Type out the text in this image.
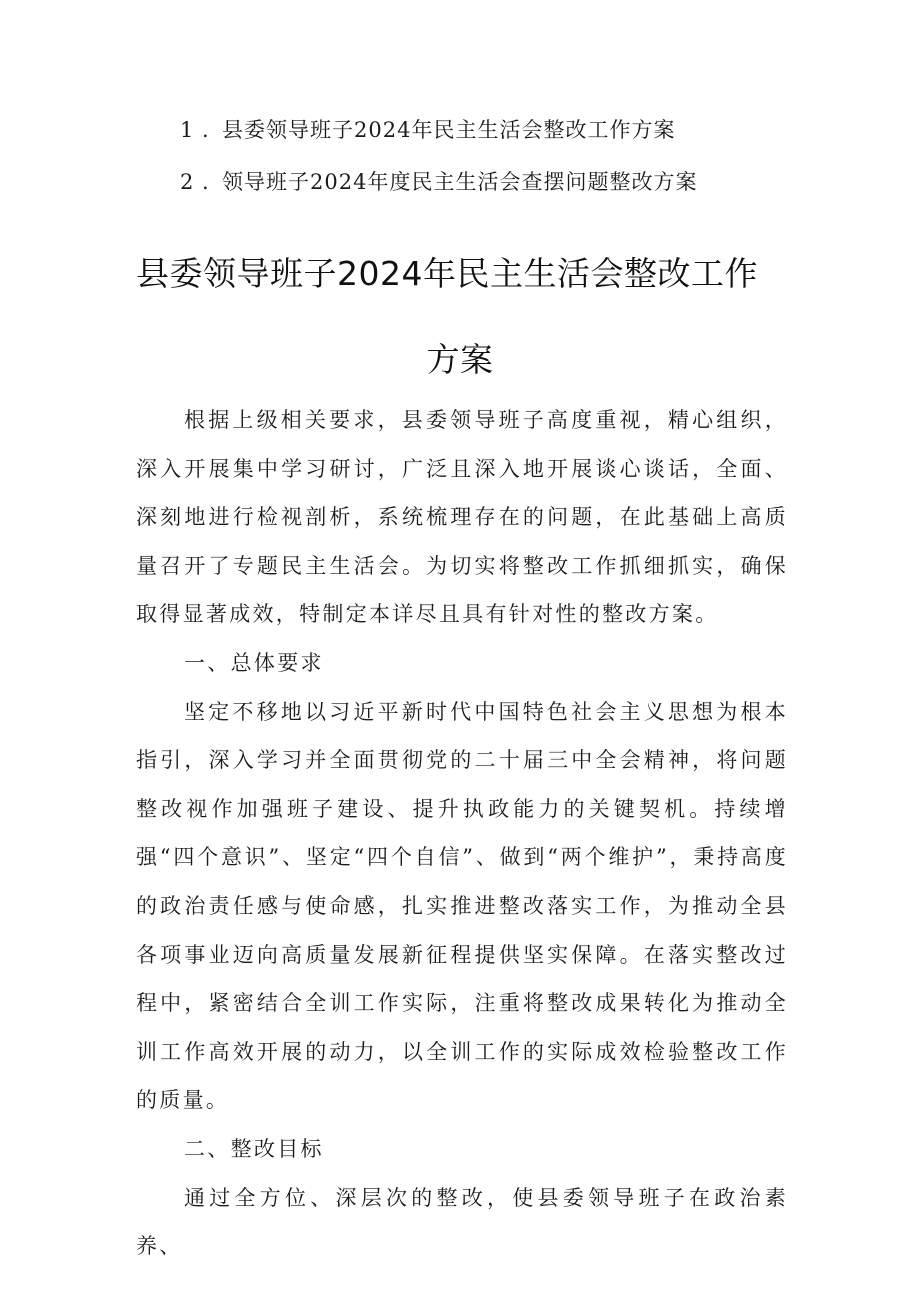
1 . 县委领导班子2024年民主生活会整改工作方案
2 . 领导班子2024年度民主生活会查摆问题整改方案
县委领导班子2024年民主生活会整改工作
方案

根据上级相关要求，县委领导班子高度重视，精心组织，深入开展集中学习研讨，广泛且深入地开展谈心谈话，全面、深刻地进行检视剖析，系统梳理存在的问题，在此基础上高质量召开了专题民主生活会。为切实将整改工作抓细抓实，确保取得显著成效，特制定本详尽且具有针对性的整改方案。

一、总体要求

坚定不移地以习近平新时代中国特色社会主义思想为根本指引，深入学习并全面贯彻党的二十届三中全会精神，将问题整改视作加强班子建设、提升执政能力的关键契机。持续增强“四个意识”、坚定“四个自信”、做到“两个维护”，秉持高度的政治责任感与使命感，扎实推进整改落实工作，为推动全县各项事业迈向高质量发展新征程提供坚实保障。在落实整改过程中，紧密结合全训工作实际，注重将整改成果转化为推动全训工作高效开展的动力，以全训工作的实际成效检验整改工作的质量。

二、整改目标

通过全方位、深层次的整改，使县委领导班子在政治素养、
